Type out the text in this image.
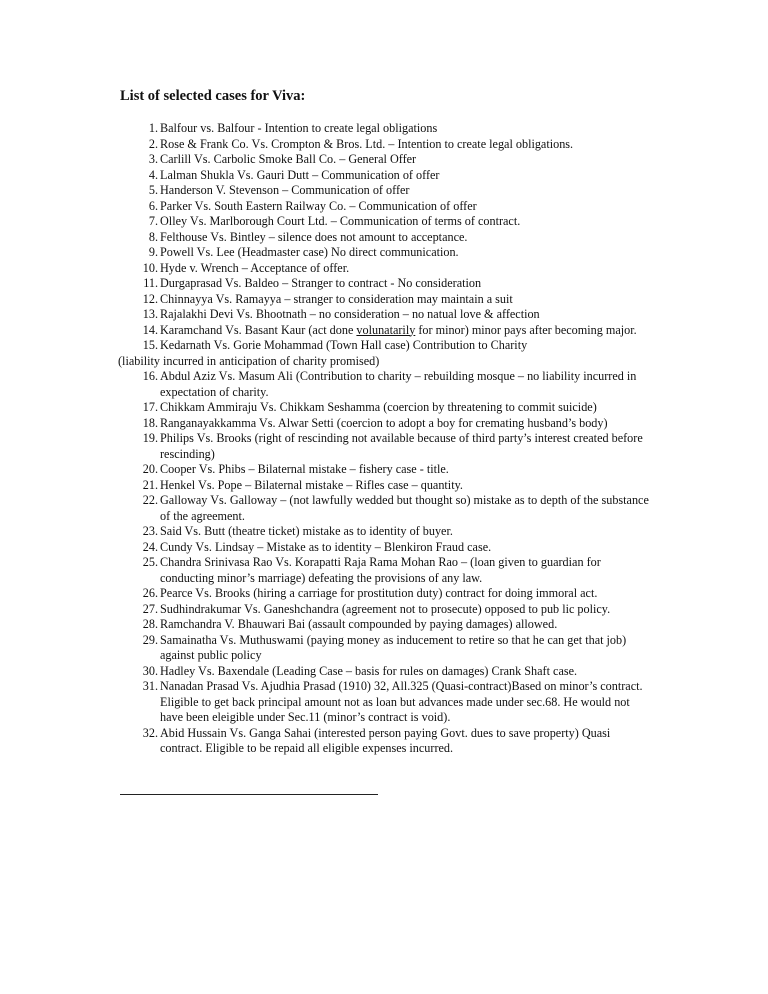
List of selected cases for Viva:

1. Balfour vs. Balfour - Intention to create legal obligations
2. Rose & Frank Co. Vs. Crompton & Bros. Ltd. – Intention to create legal obligations.
3. Carlill Vs. Carbolic Smoke Ball Co. – General Offer
4. Lalman Shukla Vs. Gauri Dutt – Communication of offer
5. Handerson V. Stevenson – Communication of offer
6. Parker Vs. South Eastern Railway Co. – Communication of offer
7. Olley Vs. Marlborough Court Ltd. – Communication of terms of contract.
8. Felthouse Vs. Bintley – silence does not amount to acceptance.
9. Powell Vs. Lee (Headmaster case) No direct communication.
10. Hyde v. Wrench – Acceptance of offer.
11. Durgaprasad Vs. Baldeo – Stranger to contract - No consideration
12. Chinnayya Vs. Ramayya – stranger to consideration may maintain a suit
13. Rajalakhi Devi Vs. Bhootnath – no consideration – no natual love & affection
14. Karamchand Vs. Basant Kaur (act done volunatarily for minor) minor pays after becoming major.
15. Kedarnath Vs. Gorie Mohammad (Town Hall case) Contribution to Charity
(liability incurred in anticipation of charity promised)
16. Abdul Aziz Vs. Masum Ali (Contribution to charity – rebuilding mosque – no liability incurred in expectation of charity.
17. Chikkam Ammiraju Vs. Chikkam Seshamma (coercion by threatening to commit suicide)
18. Ranganayakkamma Vs. Alwar Setti (coercion to adopt a boy for cremating husband’s body)
19. Philips Vs. Brooks (right of rescinding not available because of third party’s interest created before rescinding)
20. Cooper Vs. Phibs – Bilaternal mistake – fishery case - title.
21. Henkel Vs. Pope – Bilaternal mistake – Rifles case – quantity.
22. Galloway Vs. Galloway – (not lawfully wedded but thought so) mistake as to depth of the substance of the agreement.
23. Said Vs. Butt (theatre ticket) mistake as to identity of buyer.
24. Cundy Vs. Lindsay – Mistake as to identity – Blenkiron Fraud case.
25. Chandra Srinivasa Rao Vs. Korapatti Raja Rama Mohan Rao – (loan given to guardian for conducting minor’s marriage) defeating the provisions of any law.
26. Pearce Vs. Brooks (hiring a carriage for prostitution duty) contract for doing immoral act.
27. Sudhindrakumar Vs. Ganeshchandra (agreement not to prosecute) opposed to pub lic policy.
28. Ramchandra V. Bhauwari Bai (assault compounded by paying damages) allowed.
29. Samainatha Vs. Muthuswami (paying money as inducement to retire so that he can get that job) against public policy
30. Hadley Vs. Baxendale (Leading Case – basis for rules on damages) Crank Shaft case.
31. Nanadan Prasad Vs. Ajudhia Prasad (1910) 32, All.325 (Quasi-contract)Based on minor’s contract. Eligible to get back principal amount not as loan but advances made under sec.68. He would not have been eleigible under Sec.11 (minor’s contract is void).
32. Abid Hussain Vs. Ganga Sahai (interested person paying Govt. dues to save property) Quasi contract. Eligible to be repaid all eligible expenses incurred.
